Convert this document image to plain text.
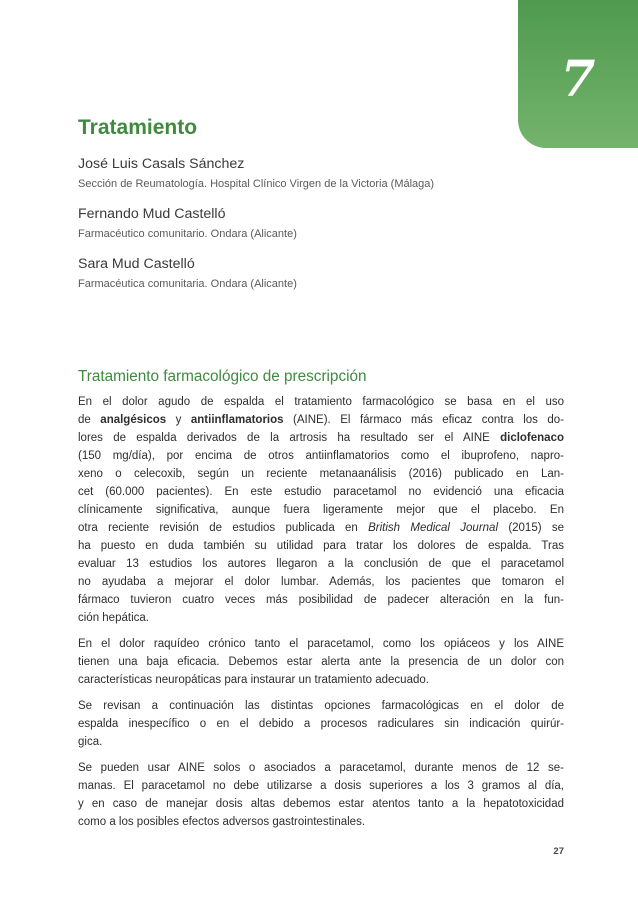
7
Tratamiento
José Luis Casals Sánchez
Sección de Reumatología. Hospital Clínico Virgen de la Victoria (Málaga)
Fernando Mud Castelló
Farmacéutico comunitario. Ondara (Alicante)
Sara Mud Castelló
Farmacéutica comunitaria. Ondara (Alicante)
Tratamiento farmacológico de prescripción

En el dolor agudo de espalda el tratamiento farmacológico se basa en el uso
de analgésicos y antiinflamatorios (AINE). El fármaco más eficaz contra los do-
lores de espalda derivados de la artrosis ha resultado ser el AINE diclofenaco
(150 mg/día), por encima de otros antiinflamatorios como el ibuprofeno, napro-
xeno o celecoxib, según un reciente metanaanálisis (2016) publicado en Lan-
cet (60.000 pacientes). En este estudio paracetamol no evidenció una eficacia
clínicamente significativa, aunque fuera ligeramente mejor que el placebo. En
otra reciente revisión de estudios publicada en British Medical Journal (2015) se
ha puesto en duda también su utilidad para tratar los dolores de espalda. Tras
evaluar 13 estudios los autores llegaron a la conclusión de que el paracetamol
no ayudaba a mejorar el dolor lumbar. Además, los pacientes que tomaron el
fármaco tuvieron cuatro veces más posibilidad de padecer alteración en la fun-
ción hepática.

En el dolor raquídeo crónico tanto el paracetamol, como los opiáceos y los AINE
tienen una baja eficacia. Debemos estar alerta ante la presencia de un dolor con
características neuropáticas para instaurar un tratamiento adecuado.

Se revisan a continuación las distintas opciones farmacológicas en el dolor de
espalda inespecífico o en el debido a procesos radiculares sin indicación quirúr-
gica.

Se pueden usar AINE solos o asociados a paracetamol, durante menos de 12 se-
manas. El paracetamol no debe utilizarse a dosis superiores a los 3 gramos al día,
y en caso de manejar dosis altas debemos estar atentos tanto a la hepatotoxicidad
como a los posibles efectos adversos gastrointestinales.

27
